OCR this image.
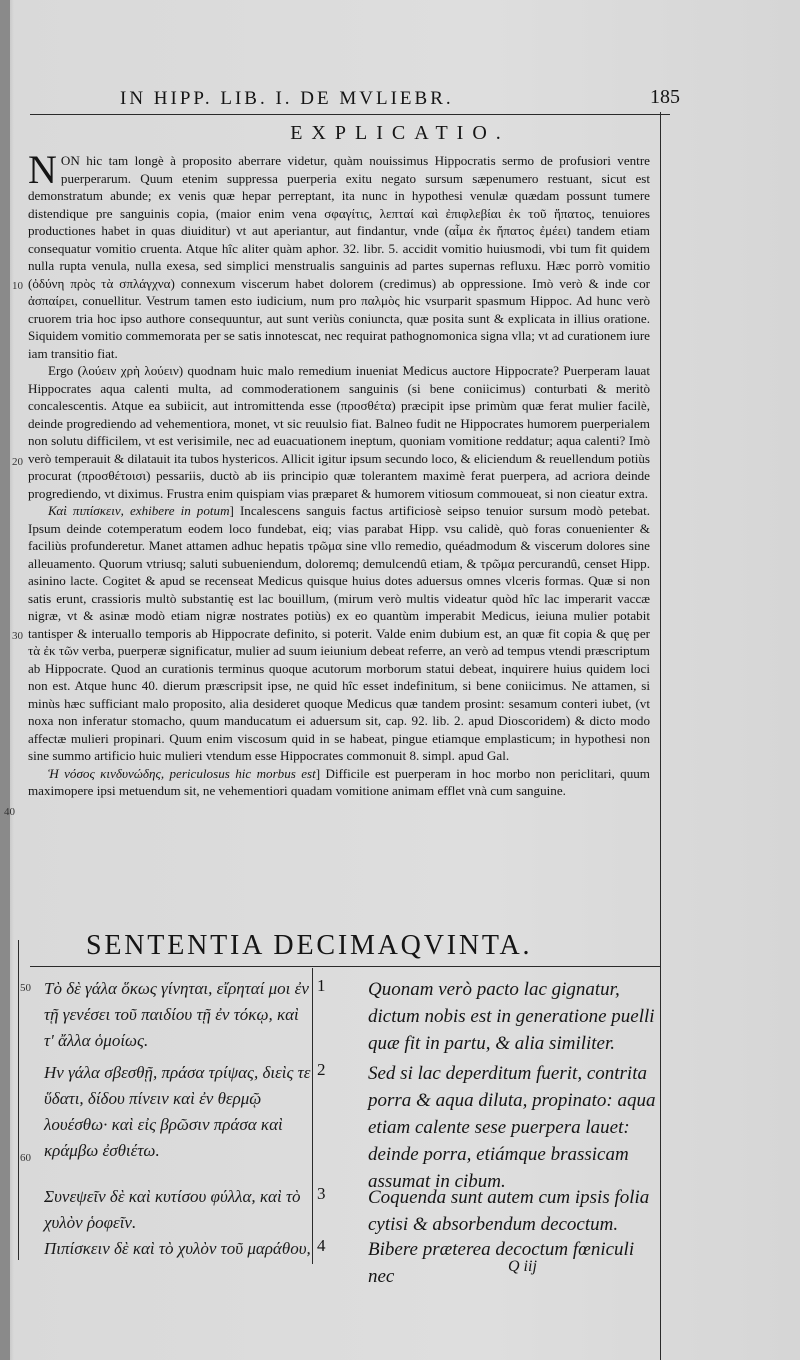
IN HIPP. LIB. I. DE MVLIEBR.	185
EXPLICATIO.

NON hic tam longè à proposito aberrare videtur, quàm nouissimus Hippocratis sermo de profusiori ventre puerperarum. Quum etenim suppressa puerperia exitu negato sursum sæpenumero restuant, sicut est demonstratum abunde; ex venis quæ hepar perreptant, ita nunc in hypothesi venulæ quædam possunt tumere distendique pre sanguinis copia, (maior enim vena σφαγίτις, λεπταί καὶ ἐπιφλεβίαι ἐκ τοῦ ἥπατος, tenuiores productiones habet in quas diuiditur) vt aut aperiantur, aut findantur, vnde (αἷμα ἐκ ἥπατος ἐμέει) tandem etiam consequatur vomitio cruenta. Atque hîc aliter quàm aphor. 32. libr. 5. accidit vomitio huiusmodi, vbi tum fit quidem nulla rupta venula, nulla exesa, sed simplici menstrualis sanguinis ad partes supernas refluxu. Hæc porrò vomitio (ὀδύνη πρὸς τὰ σπλάγχνα) connexum viscerum habet dolorem (credimus) ab oppressione. Imò verò & inde cor ἀσπαίρει, conuellitur. Vestrum tamen esto iudicium, num pro παλμὸς hic vsurparit spasmum Hippoc. Ad hunc verò cruorem tria hoc ipso authore consequuntur, aut sunt veriùs coniuncta, quæ posita sunt & explicata in illius oratione. Siquidem vomitio commemorata per se satis innotescat, nec requirat pathognomonica signa vlla; vt ad curationem iure iam transitio fiat.

Ergo (λούειν χρὴ λούειν) quodnam huic malo remedium inueniat Medicus auctore Hippocrate? Puerperam lauat Hippocrates aqua calenti multa, ad commoderationem sanguinis (si bene coniicimus) conturbati & meritò concalescentis. Atque ea subiicit, aut intromittenda esse (προσθέτα) præcipit ipse primùm quæ ferat mulier facilè, deinde progrediendo ad vehementiora, monet, vt sic reuulsio fiat. Balneo fudit ne Hippocrates humorem puerperialem non solutu difficilem, vt est verisimile, nec ad euacuationem ineptum, quoniam vomitione reddatur; aqua calenti? Imò verò temperauit & dilatauit ita tubos hystericos. Allicit igitur ipsum secundo loco, & eliciendum & reuellendum potiùs procurat (προσθέτοισι) pessariis, ductò ab iis principio quæ tolerantem maximè ferat puerpera, ad acriora deinde progrediendo, vt diximus. Frustra enim quispiam vias præparet & humorem vitiosum commoueat, si non cieatur extra.

Καὶ πιπίσκειν, exhibere in potum] Incalescens sanguis factus artificiosè seipso tenuior sursum modò petebat. Ipsum deinde cotemperatum eodem loco fundebat, eiq; vias parabat Hipp. vsu calidè, quò foras conuenienter & faciliùs profunderetur. Manet attamen adhuc hepatis τρῶμα sine vllo remedio, quéadmodum & viscerum dolores sine alleuamento. Quorum vtriusq; saluti subueniendum, doloremq; demulcendû etiam, & τρῶμα percurandû, censet Hipp. asinino lacte. Cogitet & apud se recenseat Medicus quisque huius dotes aduersus omnes vlceris formas. Quæ si non satis erunt, crassioris multò substantię est lac bouillum, (mirum verò multis videatur quòd hîc lac imperarit vaccæ nigræ, vt & asinæ modò etiam nigræ nostrates potiùs) ex eo quantùm imperabit Medicus, ieiuna mulier potabit tantisper & interuallo temporis ab Hippocrate definito, si poterit. Valde enim dubium est, an quæ fit copia & quę per τὰ ἐκ τῶν verba, puerperæ significatur, mulier ad suum ieiunium debeat referre, an verò ad tempus vtendi præscriptum ab Hippocrate. Quod an curationis terminus quoque acutorum morborum statui debeat, inquirere huius quidem loci non est. Atque hunc 40. dierum præscripsit ipse, ne quid hîc esset indefinitum, si bene coniicimus. Ne attamen, si minùs hæc sufficiant malo proposito, alia desideret quoque Medicus quæ tandem prosint: sesamum conteri iubet, (vt noxa non inferatur stomacho, quum manducatum ei aduersum sit, cap. 92. lib. 2. apud Dioscoridem) & dicto modo affectæ mulieri propinari. Quum enim viscosum quid in se habeat, pingue etiamque emplasticum; in hypothesi non sine summo artificio huic mulieri vtendum esse Hippocrates commonuit 8. simpl. apud Gal.

Ἡ νόσος κινδυνώδης, periculosus hic morbus est] Difficile est puerperam in hoc morbo non periclitari, quum maximopere ipsi metuendum sit, ne vehementiori quadam vomitione animam efflet vnà cum sanguine.

10
20
30
40
50
60
SENTENTIA DECIMAQVINTA.
Τὸ δὲ γάλα ὅκως γίνηται, εἴρηταί μοι ἐν τῇ γενέσει τοῦ παιδίου τῇ ἐν τόκῳ, καὶ τ' ἄλλα ὁμοίως.
1 Quonam verò pacto lac gignatur, dictum nobis est in generatione puelli quæ fit in partu, & alia similiter.
Ην γάλα σβεσθῇ, πράσα τρίψας, διεὶς τε ὕδατι, δίδου πίνειν καὶ ἐν θερμῷ λουέσθω· καὶ εἰς βρῶσιν πράσα καὶ κράμβω ἐσθιέτω.
2 Sed si lac deperditum fuerit, contrita porra & aqua diluta, propinato: aqua etiam calente sese puerpera lauet: deinde porra, etiámque brassicam assumat in cibum.
Συνεψεῖν δὲ καὶ κυτίσου φύλλα, καὶ τὸ χυλὸν ῥοφεῖν.
3 Coquenda sunt autem cum ipsis folia cytisi & absorbendum decoctum.
Πιπίσκειν δὲ καὶ τὸ χυλὸν τοῦ μαράθου, 4 Bibere præterea decoctum fœniculi nec	Q iij
